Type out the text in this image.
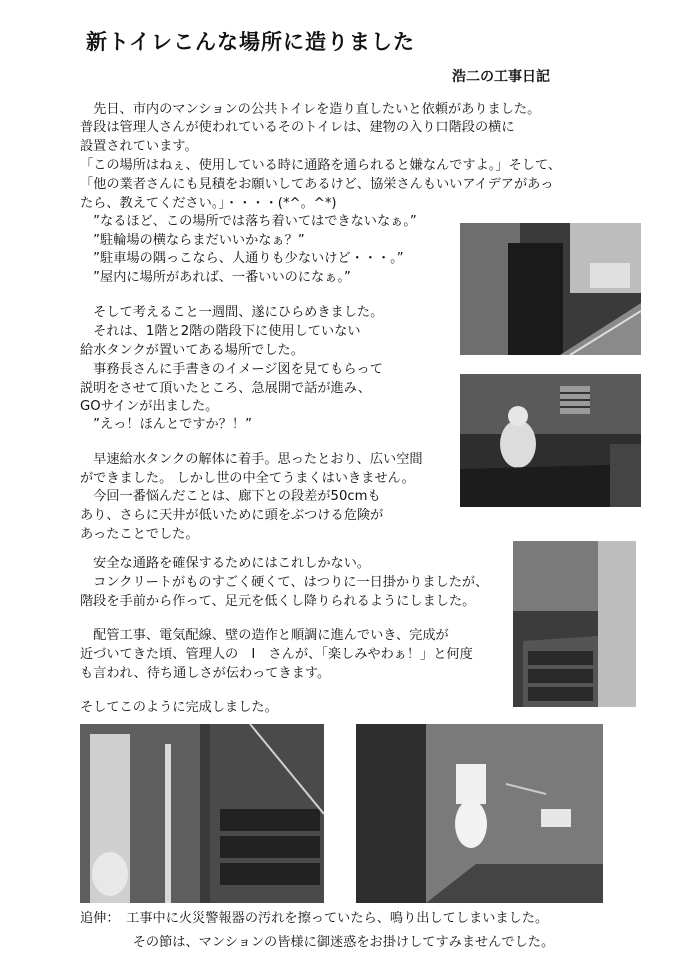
新トイレこんな場所に造りました
浩二の工事日記
　先日、市内のマンションの公共トイレを造り直したいと依頼がありました。
普段は管理人さんが使われているそのトイレは、建物の入り口階段の横に
設置されています。
「この場所はねぇ、使用している時に通路を通られると嫌なんですよ。」そして、
「他の業者さんにも見積をお願いしてあるけど、協栄さんもいいアイデアがあっ
たら、教えてください。」・・・・(*^。^*)
　”なるほど、この場所では落ち着いてはできないなぁ。”
　”駐輪場の横ならまだいいかなぁ？”
　”駐車場の隅っこなら、人通りも少ないけど・・・。”
　”屋内に場所があれば、一番いいのになぁ。”
　そして考えること一週間、遂にひらめきました。
　それは、1階と2階の階段下に使用していない
給水タンクが置いてある場所でした。
　事務長さんに手書きのイメージ図を見てもらって
説明をさせて頂いたところ、急展開で話が進み、
GOサインが出ました。
　”えっ！ほんとですか？！”
　早速給水タンクの解体に着手。思ったとおり、広い空間
ができました。 しかし世の中全てうまくはいきません。
　今回一番悩んだことは、廊下との段差が50cmも
あり、さらに天井が低いために頭をぶつける危険が
あったことでした。
　安全な通路を確保するためにはこれしかない。
　コンクリートがものすごく硬くて、はつりに一日掛かりましたが、
階段を手前から作って、足元を低くし降りられるようにしました。
　配管工事、電気配線、壁の造作と順調に進んでいき、完成が
近づいてきた頃、管理人の　I　さんが、「楽しみやわぁ！」と何度
も言われ、待ち通しさが伝わってきます。
そしてこのように完成しました。
追伸：　工事中に火災警報器の汚れを擦っていたら、鳴り出してしまいました。
　　　　その節は、マンションの皆様に御迷惑をお掛けしてすみませんでした。
